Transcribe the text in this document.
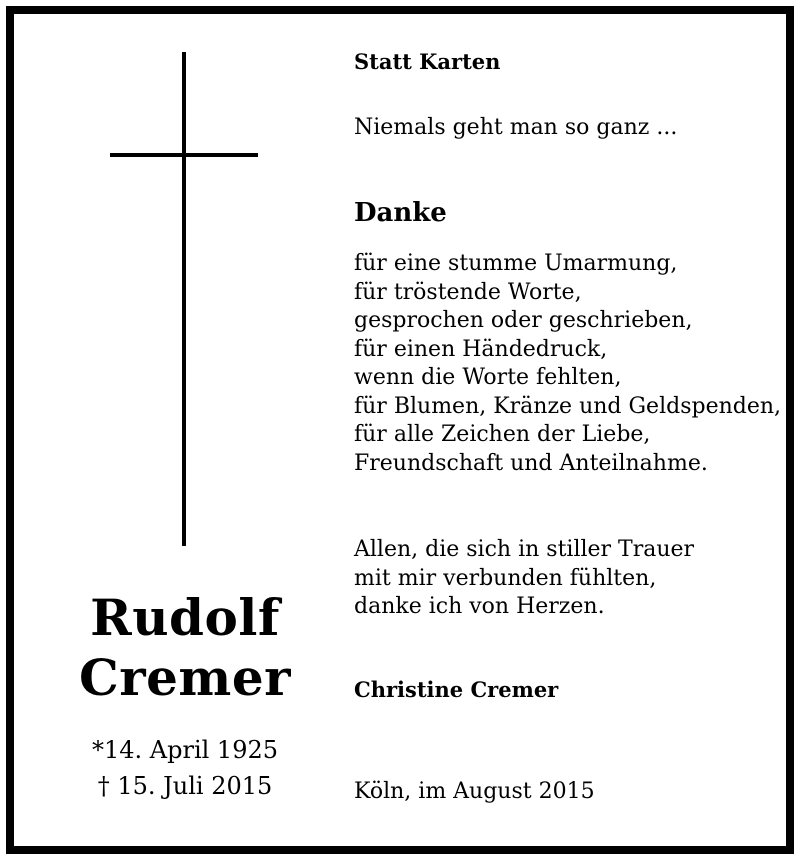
Rudolf
Cremer
*14. April 1925
† 15. Juli 2015
Statt Karten
Niemals geht man so ganz ...
Danke
für eine stumme Umarmung,
für tröstende Worte,
gesprochen oder geschrieben,
für einen Händedruck,
wenn die Worte fehlten,
für Blumen, Kränze und Geldspenden,
für alle Zeichen der Liebe,
Freundschaft und Anteilnahme.
Allen, die sich in stiller Trauer
mit mir verbunden fühlten,
danke ich von Herzen.
Christine Cremer
Köln, im August 2015
